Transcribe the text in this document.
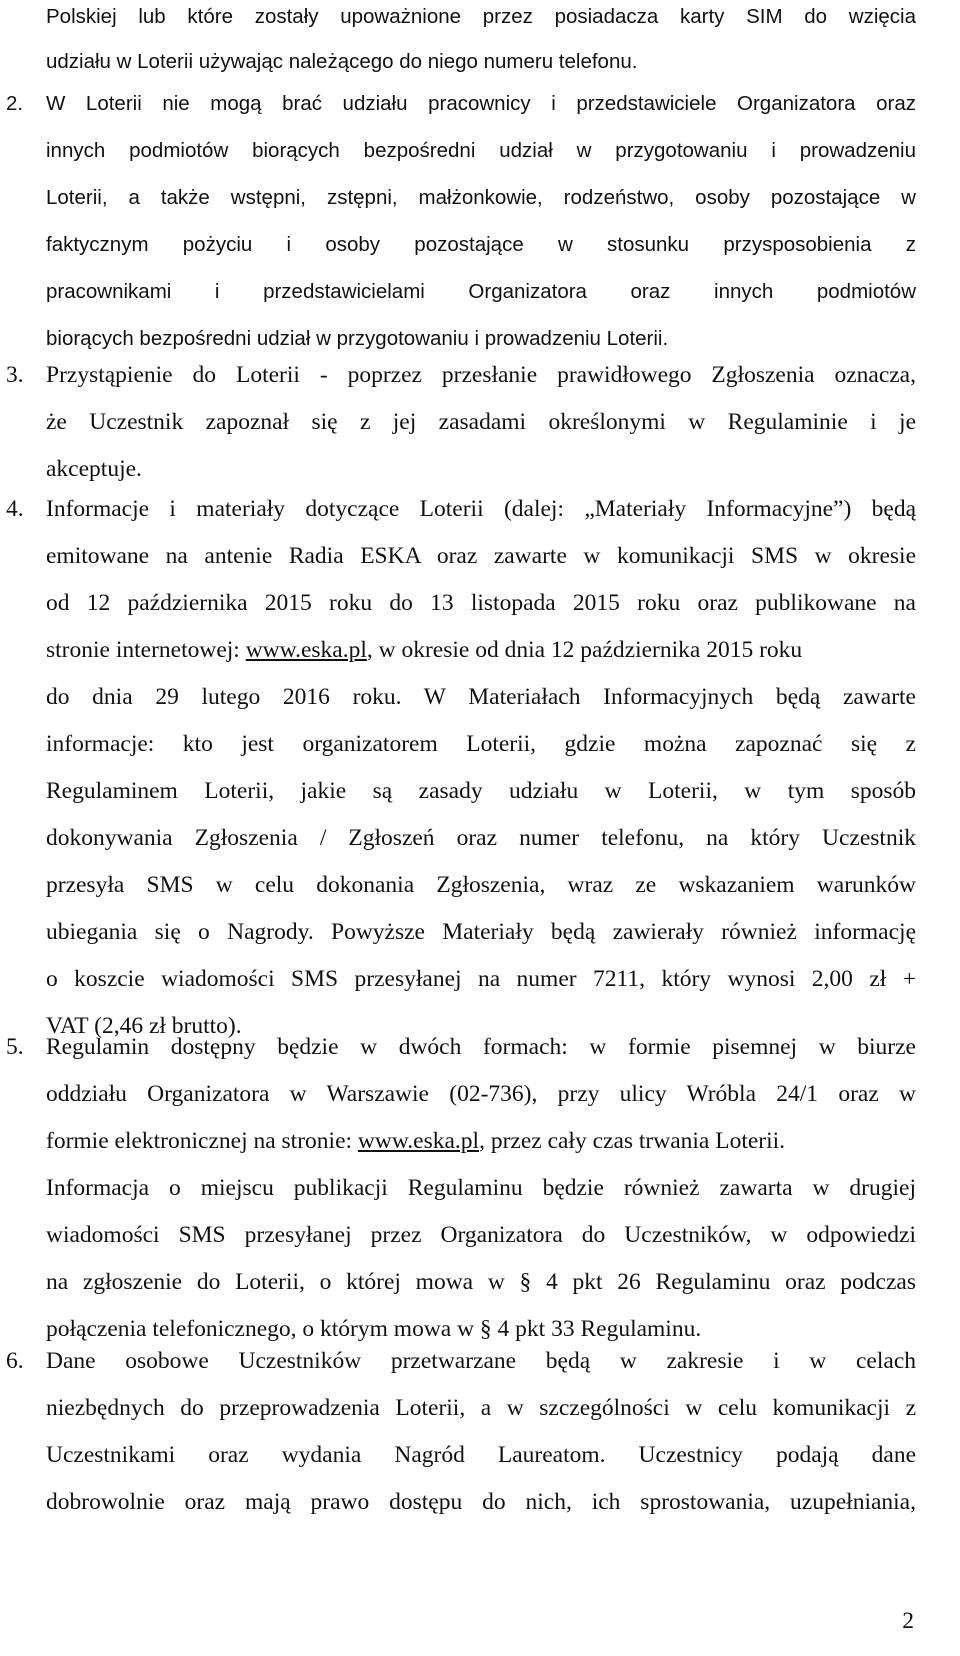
Polskiej lub które zostały upoważnione przez posiadacza karty SIM do wzięcia
udziału w Loterii używając należącego do niego numeru telefonu.
2. W Loterii nie mogą brać udziału pracownicy i przedstawiciele Organizatora oraz
innych podmiotów biorących bezpośredni udział w przygotowaniu i prowadzeniu
Loterii, a także wstępni, zstępni, małżonkowie, rodzeństwo, osoby pozostające w
faktycznym pożyciu i osoby pozostające w stosunku przysposobienia z
pracownikami i przedstawicielami Organizatora oraz innych podmiotów
biorących bezpośredni udział w przygotowaniu i prowadzeniu Loterii.
3. Przystąpienie do Loterii - poprzez przesłanie prawidłowego Zgłoszenia oznacza,
że Uczestnik zapoznał się z jej zasadami określonymi w Regulaminie i je
akceptuje.
4. Informacje i materiały dotyczące Loterii (dalej: „Materiały Informacyjne”) będą
emitowane na antenie Radia ESKA oraz zawarte w komunikacji SMS w okresie
od 12 października 2015 roku do 13 listopada 2015 roku oraz publikowane na
stronie internetowej: www.eska.pl, w okresie od dnia 12 października 2015 roku
do dnia 29 lutego 2016 roku. W Materiałach Informacyjnych będą zawarte
informacje: kto jest organizatorem Loterii, gdzie można zapoznać się z
Regulaminem Loterii, jakie są zasady udziału w Loterii, w tym sposób
dokonywania Zgłoszenia / Zgłoszeń oraz numer telefonu, na który Uczestnik
przesyła SMS w celu dokonania Zgłoszenia, wraz ze wskazaniem warunków
ubiegania się o Nagrody. Powyższe Materiały będą zawierały również informację
o koszcie wiadomości SMS przesyłanej na numer 7211, który wynosi 2,00 zł +
VAT (2,46 zł brutto).
5. Regulamin dostępny będzie w dwóch formach: w formie pisemnej w biurze
oddziału Organizatora w Warszawie (02-736), przy ulicy Wróbla 24/1 oraz w
formie elektronicznej na stronie: www.eska.pl, przez cały czas trwania Loterii.
Informacja o miejscu publikacji Regulaminu będzie również zawarta w drugiej
wiadomości SMS przesyłanej przez Organizatora do Uczestników, w odpowiedzi
na zgłoszenie do Loterii, o której mowa w § 4 pkt 26 Regulaminu oraz podczas
połączenia telefonicznego, o którym mowa w § 4 pkt 33 Regulaminu.
6. Dane osobowe Uczestników przetwarzane będą w zakresie i w celach
niezbędnych do przeprowadzenia Loterii, a w szczególności w celu komunikacji z
Uczestnikami oraz wydania Nagród Laureatom. Uczestnicy podają dane
dobrowolnie oraz mają prawo dostępu do nich, ich sprostowania, uzupełniania,
2
